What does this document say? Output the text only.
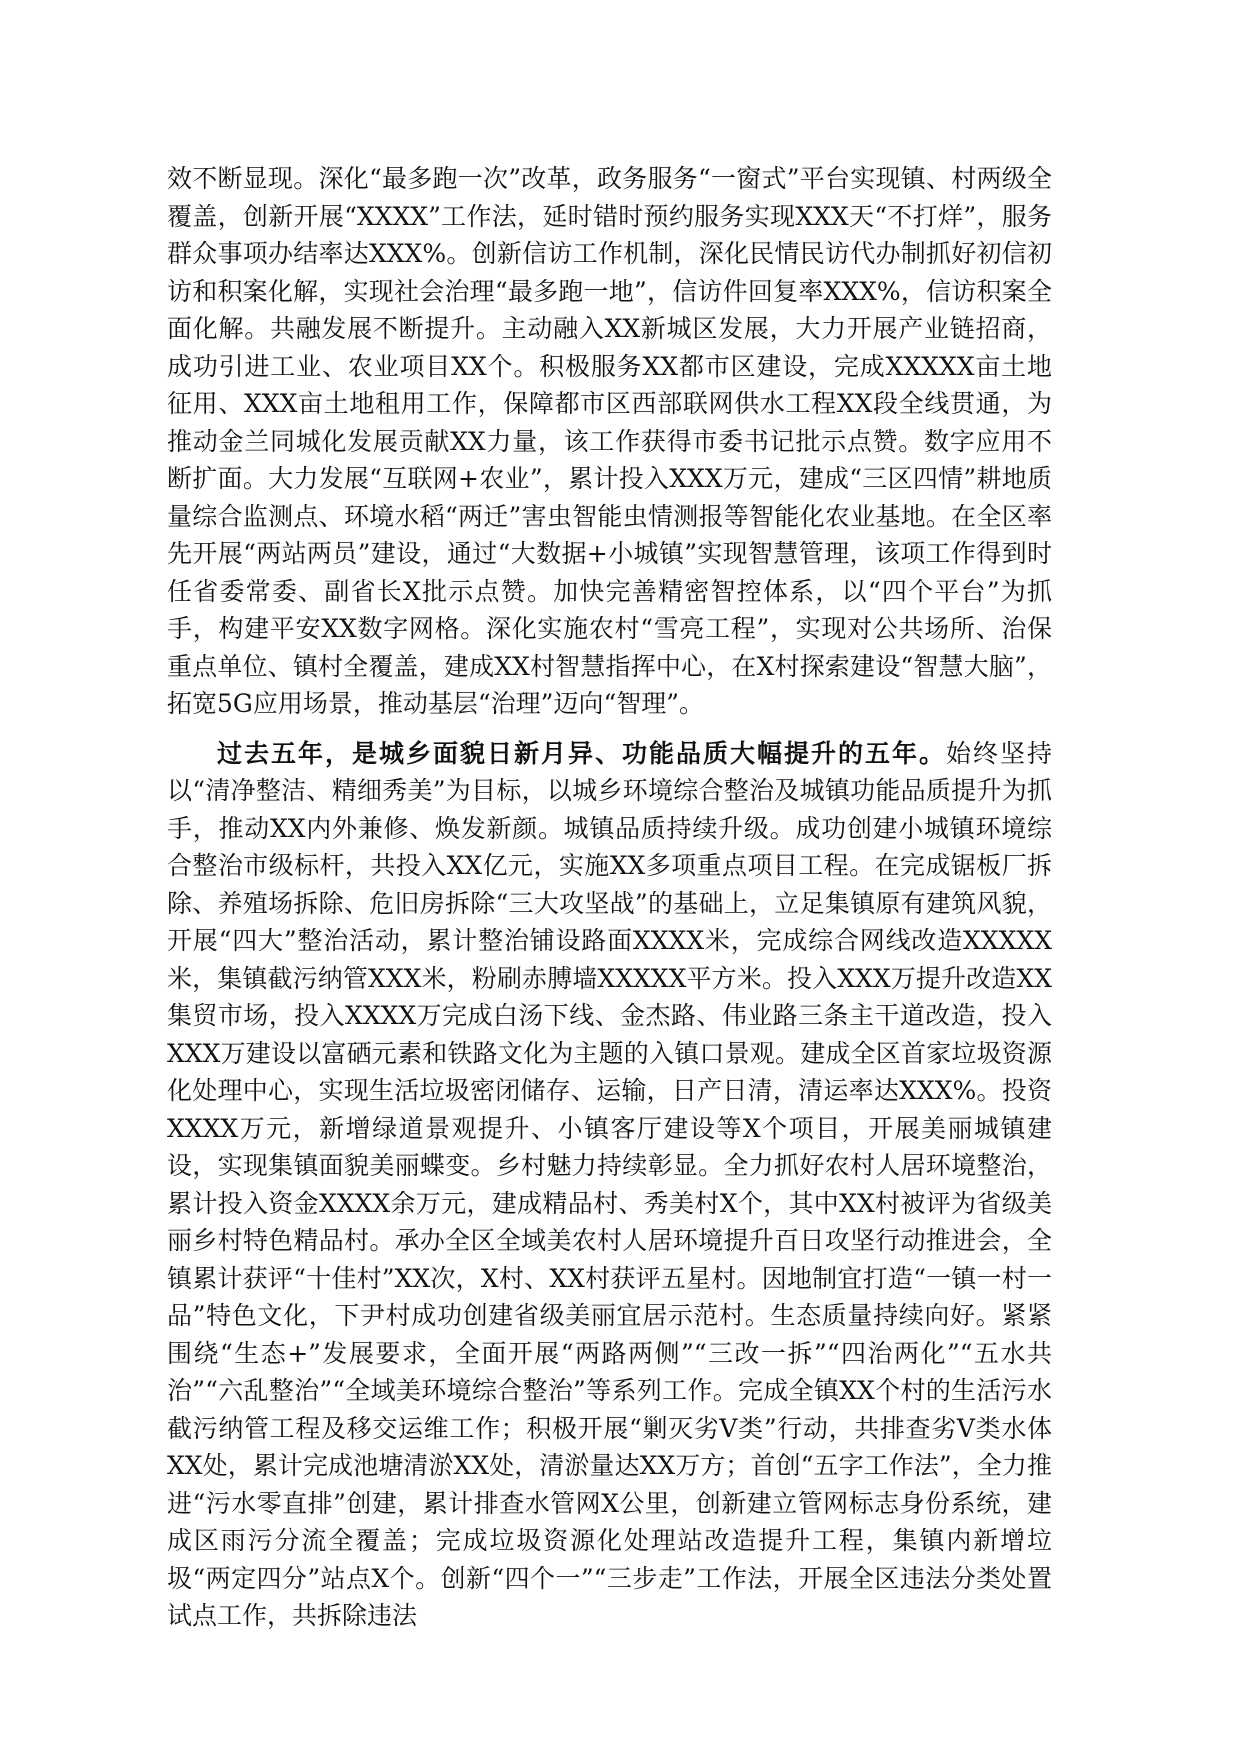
效不断显现。深化“最多跑一次”改革，政务服务“一窗式”平台实现镇、村两级全覆盖，创新开展“XXXX”工作法，延时错时预约服务实现XXX天“不打烊”，服务群众事项办结率达XXX%。创新信访工作机制，深化民情民访代办制抓好初信初访和积案化解，实现社会治理“最多跑一地”，信访件回复率XXX%，信访积案全面化解。共融发展不断提升。主动融入XX新城区发展，大力开展产业链招商，成功引进工业、农业项目XX个。积极服务XX都市区建设，完成XXXXX亩土地征用、XXX亩土地租用工作，保障都市区西部联网供水工程XX段全线贯通，为推动金兰同城化发展贡献XX力量，该工作获得市委书记批示点赞。数字应用不断扩面。大力发展“互联网+农业”，累计投入XXX万元，建成“三区四情”耕地质量综合监测点、环境水稻“两迁”害虫智能虫情测报等智能化农业基地。在全区率先开展“两站两员”建设，通过“大数据+小城镇”实现智慧管理，该项工作得到时任省委常委、副省长X批示点赞。加快完善精密智控体系，以“四个平台”为抓手，构建平安XX数字网格。深化实施农村“雪亮工程”，实现对公共场所、治保重点单位、镇村全覆盖，建成XX村智慧指挥中心，在X村探索建设“智慧大脑”，拓宽5G应用场景，推动基层“治理”迈向“智理”。

过去五年，是城乡面貌日新月异、功能品质大幅提升的五年。始终坚持以“清净整洁、精细秀美”为目标，以城乡环境综合整治及城镇功能品质提升为抓手，推动XX内外兼修、焕发新颜。城镇品质持续升级。成功创建小城镇环境综合整治市级标杆，共投入XX亿元，实施XX多项重点项目工程。在完成锯板厂拆除、养殖场拆除、危旧房拆除“三大攻坚战”的基础上，立足集镇原有建筑风貌，开展“四大”整治活动，累计整治铺设路面XXXX米，完成综合网线改造XXXXX米，集镇截污纳管XXX米，粉刷赤膊墙XXXXX平方米。投入XXX万提升改造XX集贸市场，投入XXXX万完成白汤下线、金杰路、伟业路三条主干道改造，投入XXX万建设以富硒元素和铁路文化为主题的入镇口景观。建成全区首家垃圾资源化处理中心，实现生活垃圾密闭储存、运输，日产日清，清运率达XXX%。投资XXXX万元，新增绿道景观提升、小镇客厅建设等X个项目，开展美丽城镇建设，实现集镇面貌美丽蝶变。乡村魅力持续彰显。全力抓好农村人居环境整治，累计投入资金XXXX余万元，建成精品村、秀美村X个，其中XX村被评为省级美丽乡村特色精品村。承办全区全域美农村人居环境提升百日攻坚行动推进会，全镇累计获评“十佳村”XX次，X村、XX村获评五星村。因地制宜打造“一镇一村一品”特色文化，下尹村成功创建省级美丽宜居示范村。生态质量持续向好。紧紧围绕“生态+”发展要求，全面开展“两路两侧”“三改一拆”“四治两化”“五水共治”“六乱整治”“全域美环境综合整治”等系列工作。完成全镇XX个村的生活污水截污纳管工程及移交运维工作；积极开展“剿灭劣Ⅴ类”行动，共排查劣Ⅴ类水体XX处，累计完成池塘清淤XX处，清淤量达XX万方；首创“五字工作法”，全力推进“污水零直排”创建，累计排查水管网X公里，创新建立管网标志身份系统，建成区雨污分流全覆盖；完成垃圾资源化处理站改造提升工程，集镇内新增垃圾“两定四分”站点X个。创新“四个一”“三步走”工作法，开展全区违法分类处置试点工作，共拆除违法
